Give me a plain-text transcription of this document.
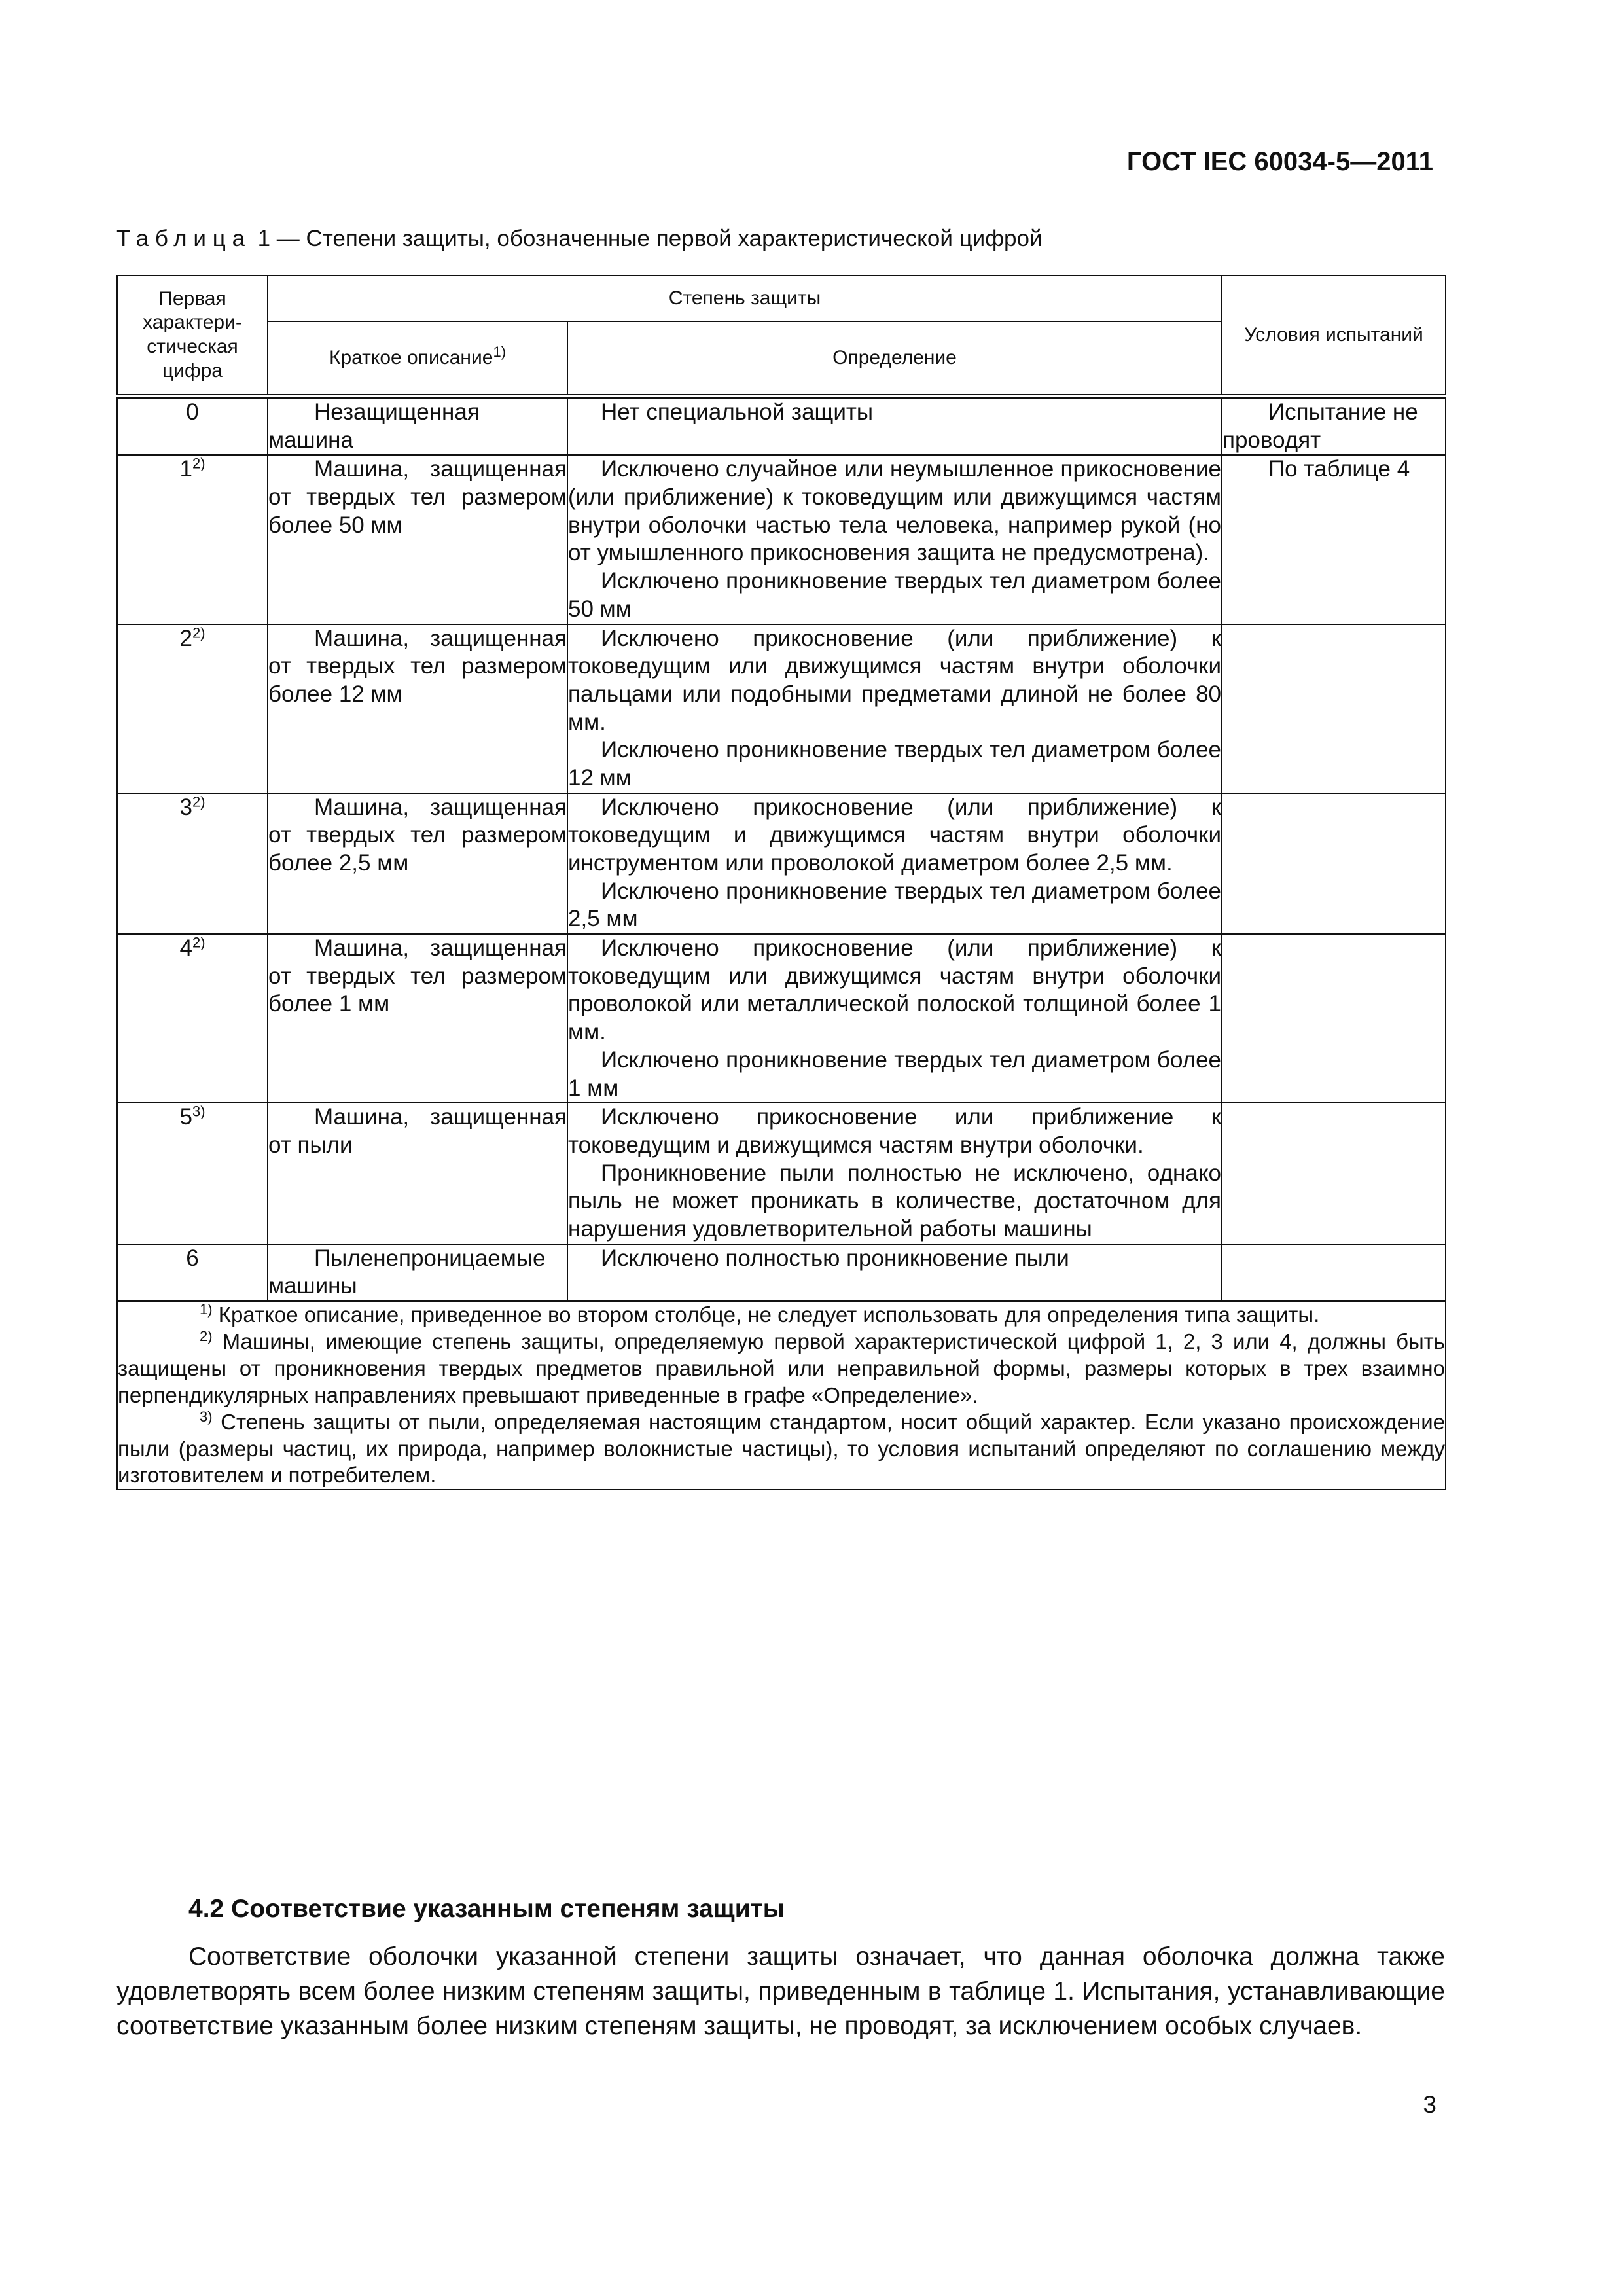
ГОСТ IEC 60034-5—2011
Таблица 1 — Степени защиты, обозначенные первой характеристической цифрой
Первая характери-стическая цифра	Степень защиты		Условия испытаний
	Краткое описание$^{1)}$	Определение	
0	Незащищенная машина	Нет специальной защиты	Испытание не проводят

1$^{2)}$	Машина, защищенная от твердых тел размером более 50 мм	Исключено случайное или неумышленное прикосновение (или приближение) к токоведущим или движущимся частям внутри оболочки частью тела человека, например рукой (но от умышленного прикосновения защита не предусмотрена).
Исключено проникновение твердых тел диаметром более 50 мм	По таблице 4

2$^{2)}$	Машина, защищенная от твердых тел размером более 12 мм	Исключено прикосновение (или приближение) к токоведущим или движущимся частям внутри оболочки пальцами или подобными предметами длиной не более 80 мм.
Исключено проникновение твердых тел диаметром более 12 мм	

3$^{2)}$	Машина, защищенная от твердых тел размером более 2,5 мм	Исключено прикосновение (или приближение) к токоведущим и движущимся частям внутри оболочки инструментом или проволокой диаметром более 2,5 мм.
Исключено проникновение твердых тел диаметром более 2,5 мм	

4$^{2)}$	Машина, защищенная от твердых тел размером более 1 мм	Исключено прикосновение (или приближение) к токоведущим или движущимся частям внутри оболочки проволокой или металлической полоской толщиной более 1 мм.
Исключено проникновение твердых тел диаметром более 1 мм	

5$^{3)}$	Машина, защищенная от пыли	Исключено прикосновение или приближение к токоведущим и движущимся частям внутри оболочки.
Проникновение пыли полностью не исключено, однако пыль не может проникать в количестве, достаточном для нарушения удовлетворительной работы машины	

6	Пыленепроницаемые машины	Исключено полностью проникновение пыли	

$^{1)}$ Краткое описание, приведенное во втором столбце, не следует использовать для определения типа защиты.
$^{2)}$ Машины, имеющие степень защиты, определяемую первой характеристической цифрой 1, 2, 3 или 4, должны быть защищены от проникновения твердых предметов правильной или неправильной формы, размеры которых в трех взаимно перпендикулярных направлениях превышают приведенные в графе «Определение».
$^{3)}$ Степень защиты от пыли, определяемая настоящим стандартом, носит общий характер. Если указано происхождение пыли (размеры частиц, их природа, например волокнистые частицы), то условия испытаний определяют по соглашению между изготовителем и потребителем.			
4.2 Соответствие указанным степеням защиты
Соответствие оболочки указанной степени защиты означает, что данная оболочка должна также удовлетворять всем более низким степеням защиты, приведенным в таблице 1. Испытания, устанавливающие соответствие указанным более низким степеням защиты, не проводят, за исключением особых случаев.
3
